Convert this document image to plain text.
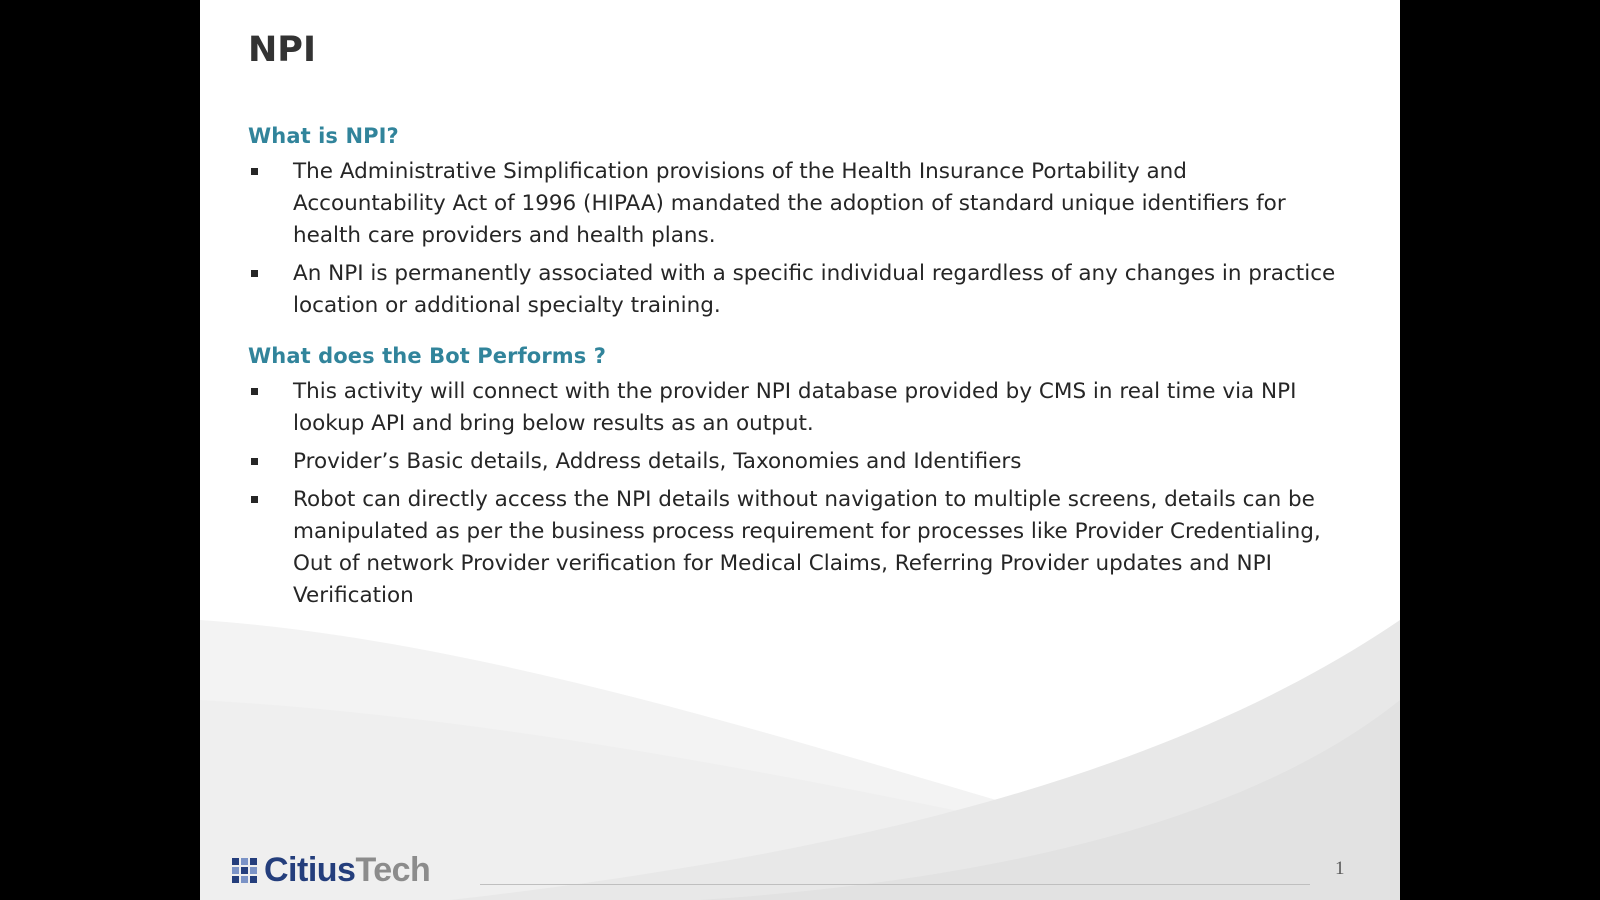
NPI
What is NPI?
The Administrative Simplification provisions of the Health Insurance Portability and Accountability Act of 1996 (HIPAA) mandated the adoption of standard unique identifiers for health care providers and health plans.
An NPI is permanently associated with a specific individual regardless of any changes in practice location or additional specialty training.
What does the Bot Performs ?
This activity will connect with the provider NPI database provided by CMS in real time via NPI lookup API and bring below results as an output.
Provider’s Basic details, Address details, Taxonomies and Identifiers
Robot can directly access the NPI details without navigation to multiple screens, details can be manipulated as per the business process requirement for processes like Provider Credentialing, Out of network Provider verification for Medical Claims, Referring Provider updates and NPI Verification
CitiusTech	1
